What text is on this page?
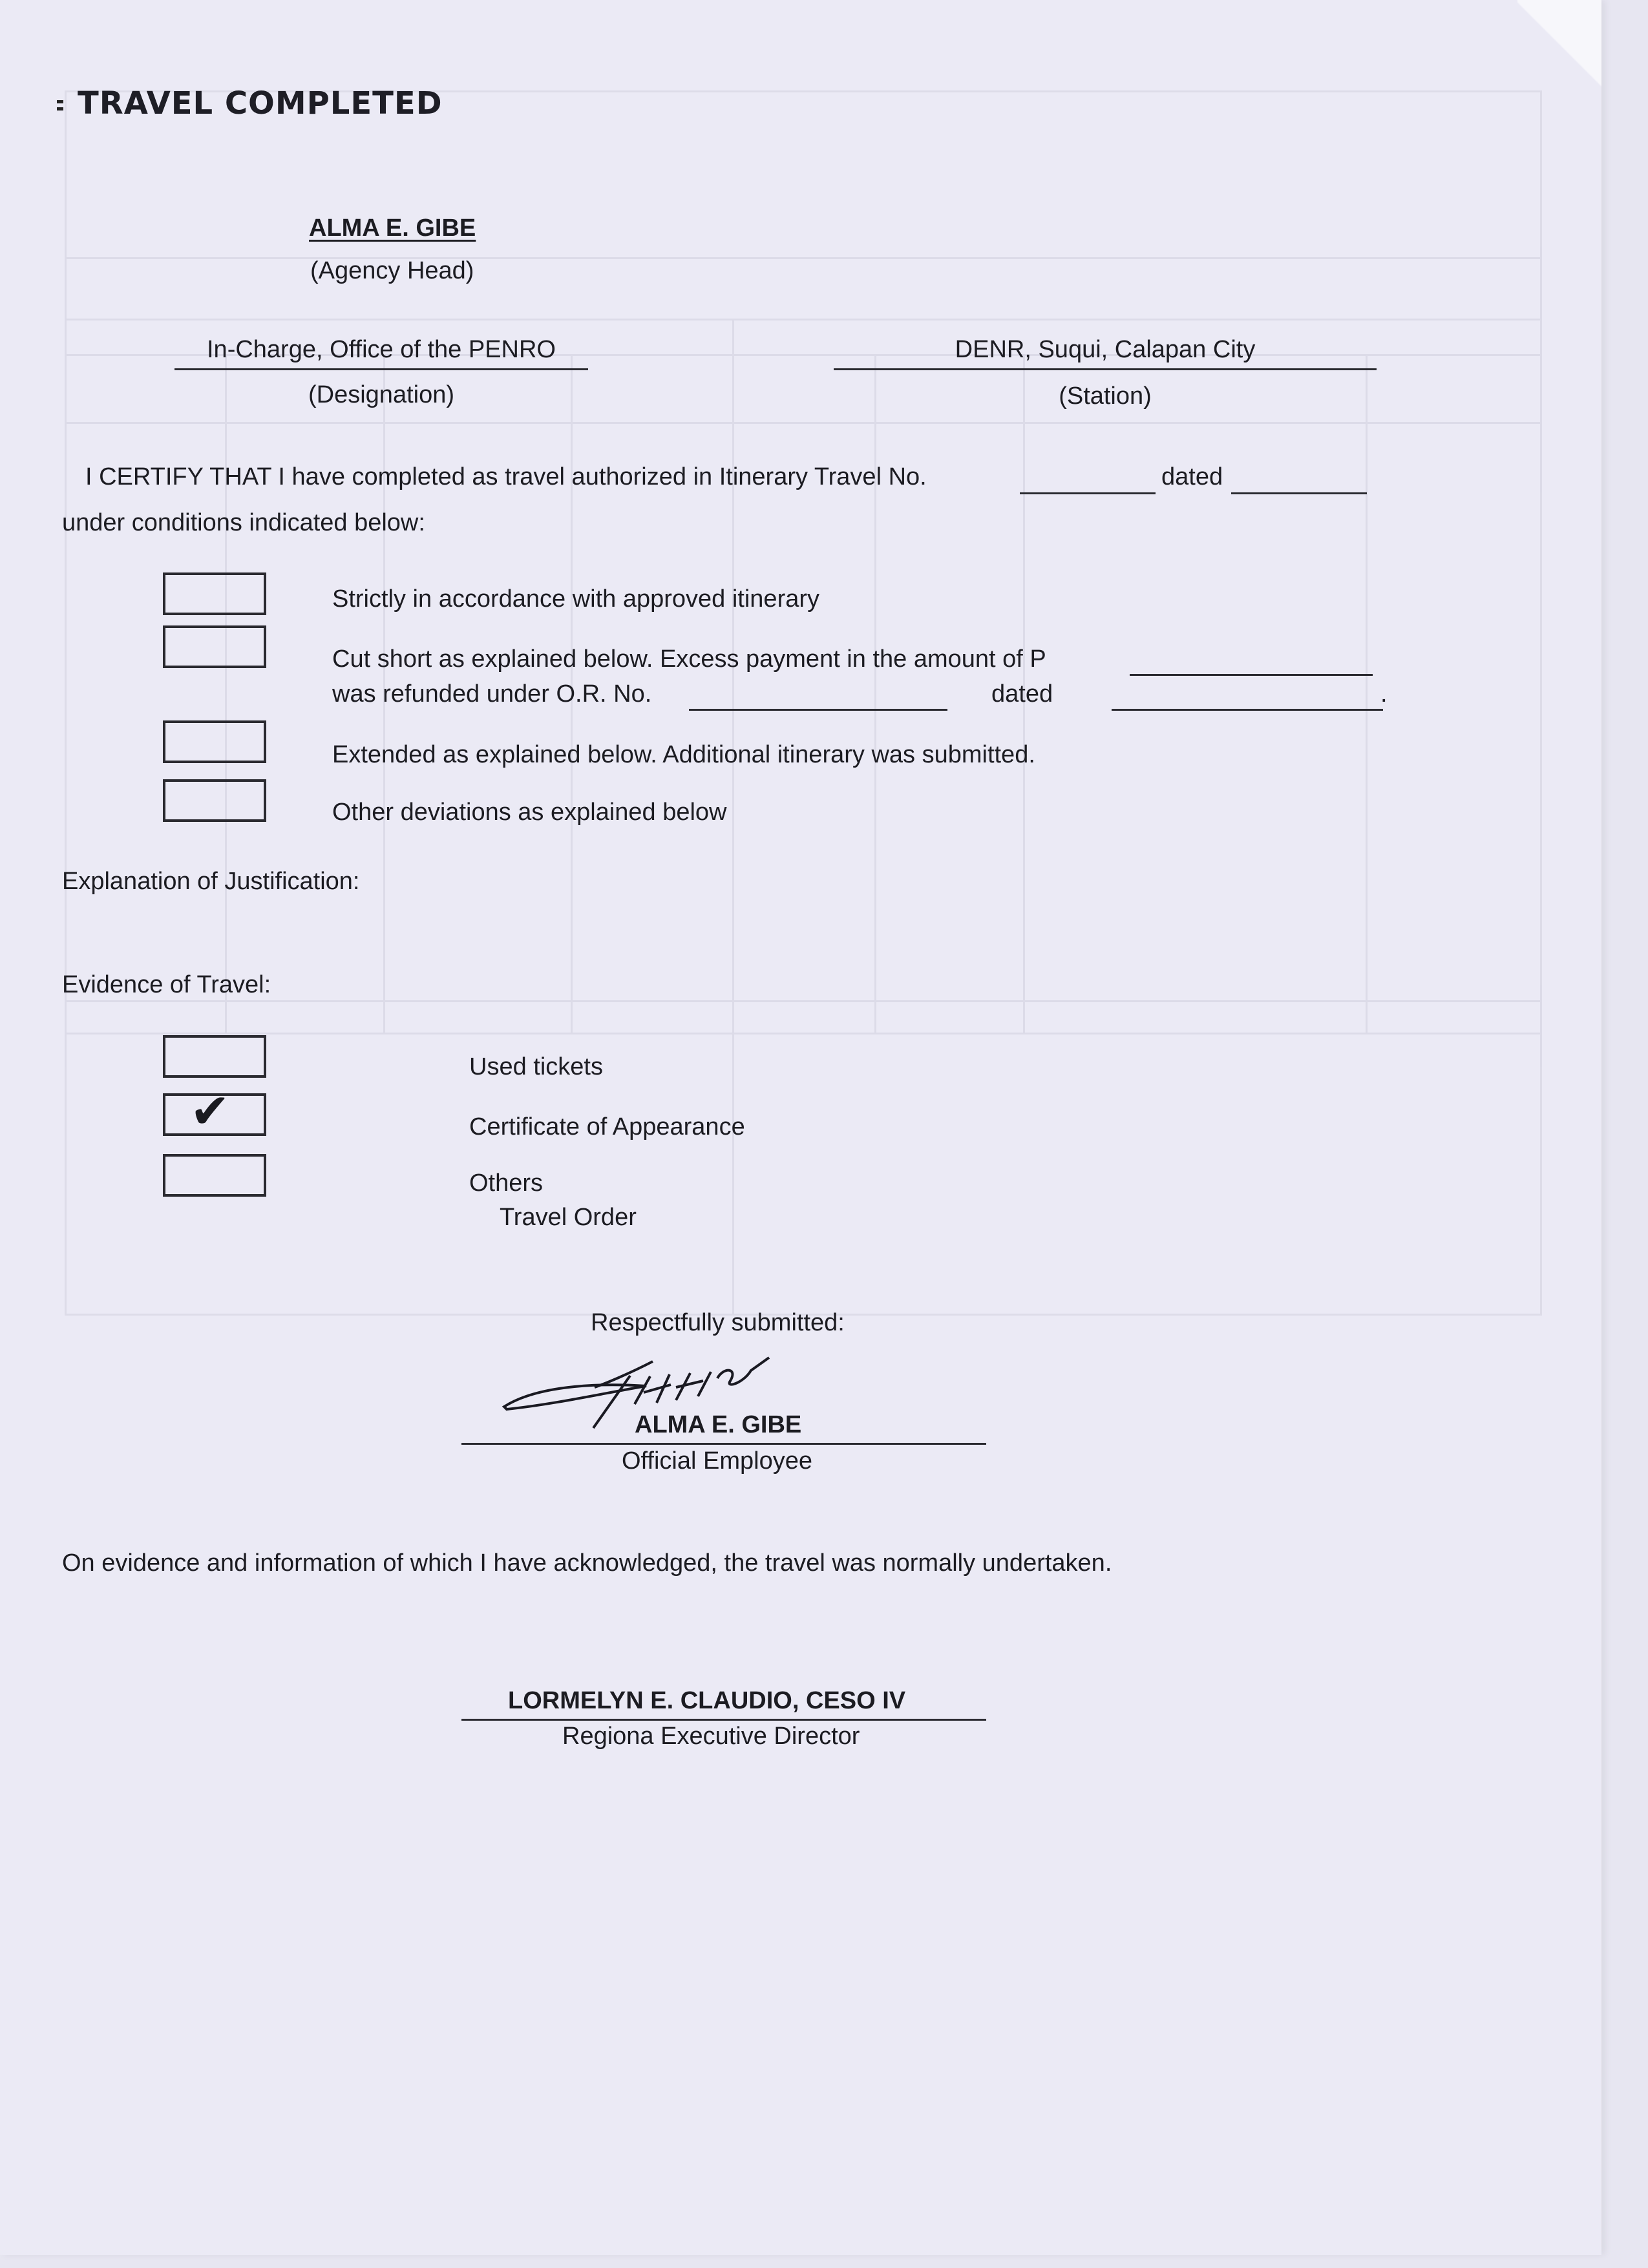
TRAVEL COMPLETED
ALMA E. GIBE
(Agency Head)
In-Charge, Office of the PENRO
(Designation)
DENR, Suqui, Calapan City
(Station)
I CERTIFY THAT I have completed as travel authorized in Itinerary Travel No.	dated
under conditions indicated below:
Strictly in accordance with approved itinerary
Cut short as explained below. Excess payment in the amount of P
was refunded under O.R. No.	dated	.
Extended as explained below. Additional itinerary was submitted.
Other deviations as explained below
Explanation of Justification:
Evidence of Travel:
Used tickets
✔	Certificate of Appearance
Others
Travel Order
Respectfully submitted:
ALMA E. GIBE
Official Employee
On evidence and information of which I have acknowledged, the travel was normally undertaken.
LORMELYN E. CLAUDIO, CESO IV
Regiona Executive Director
